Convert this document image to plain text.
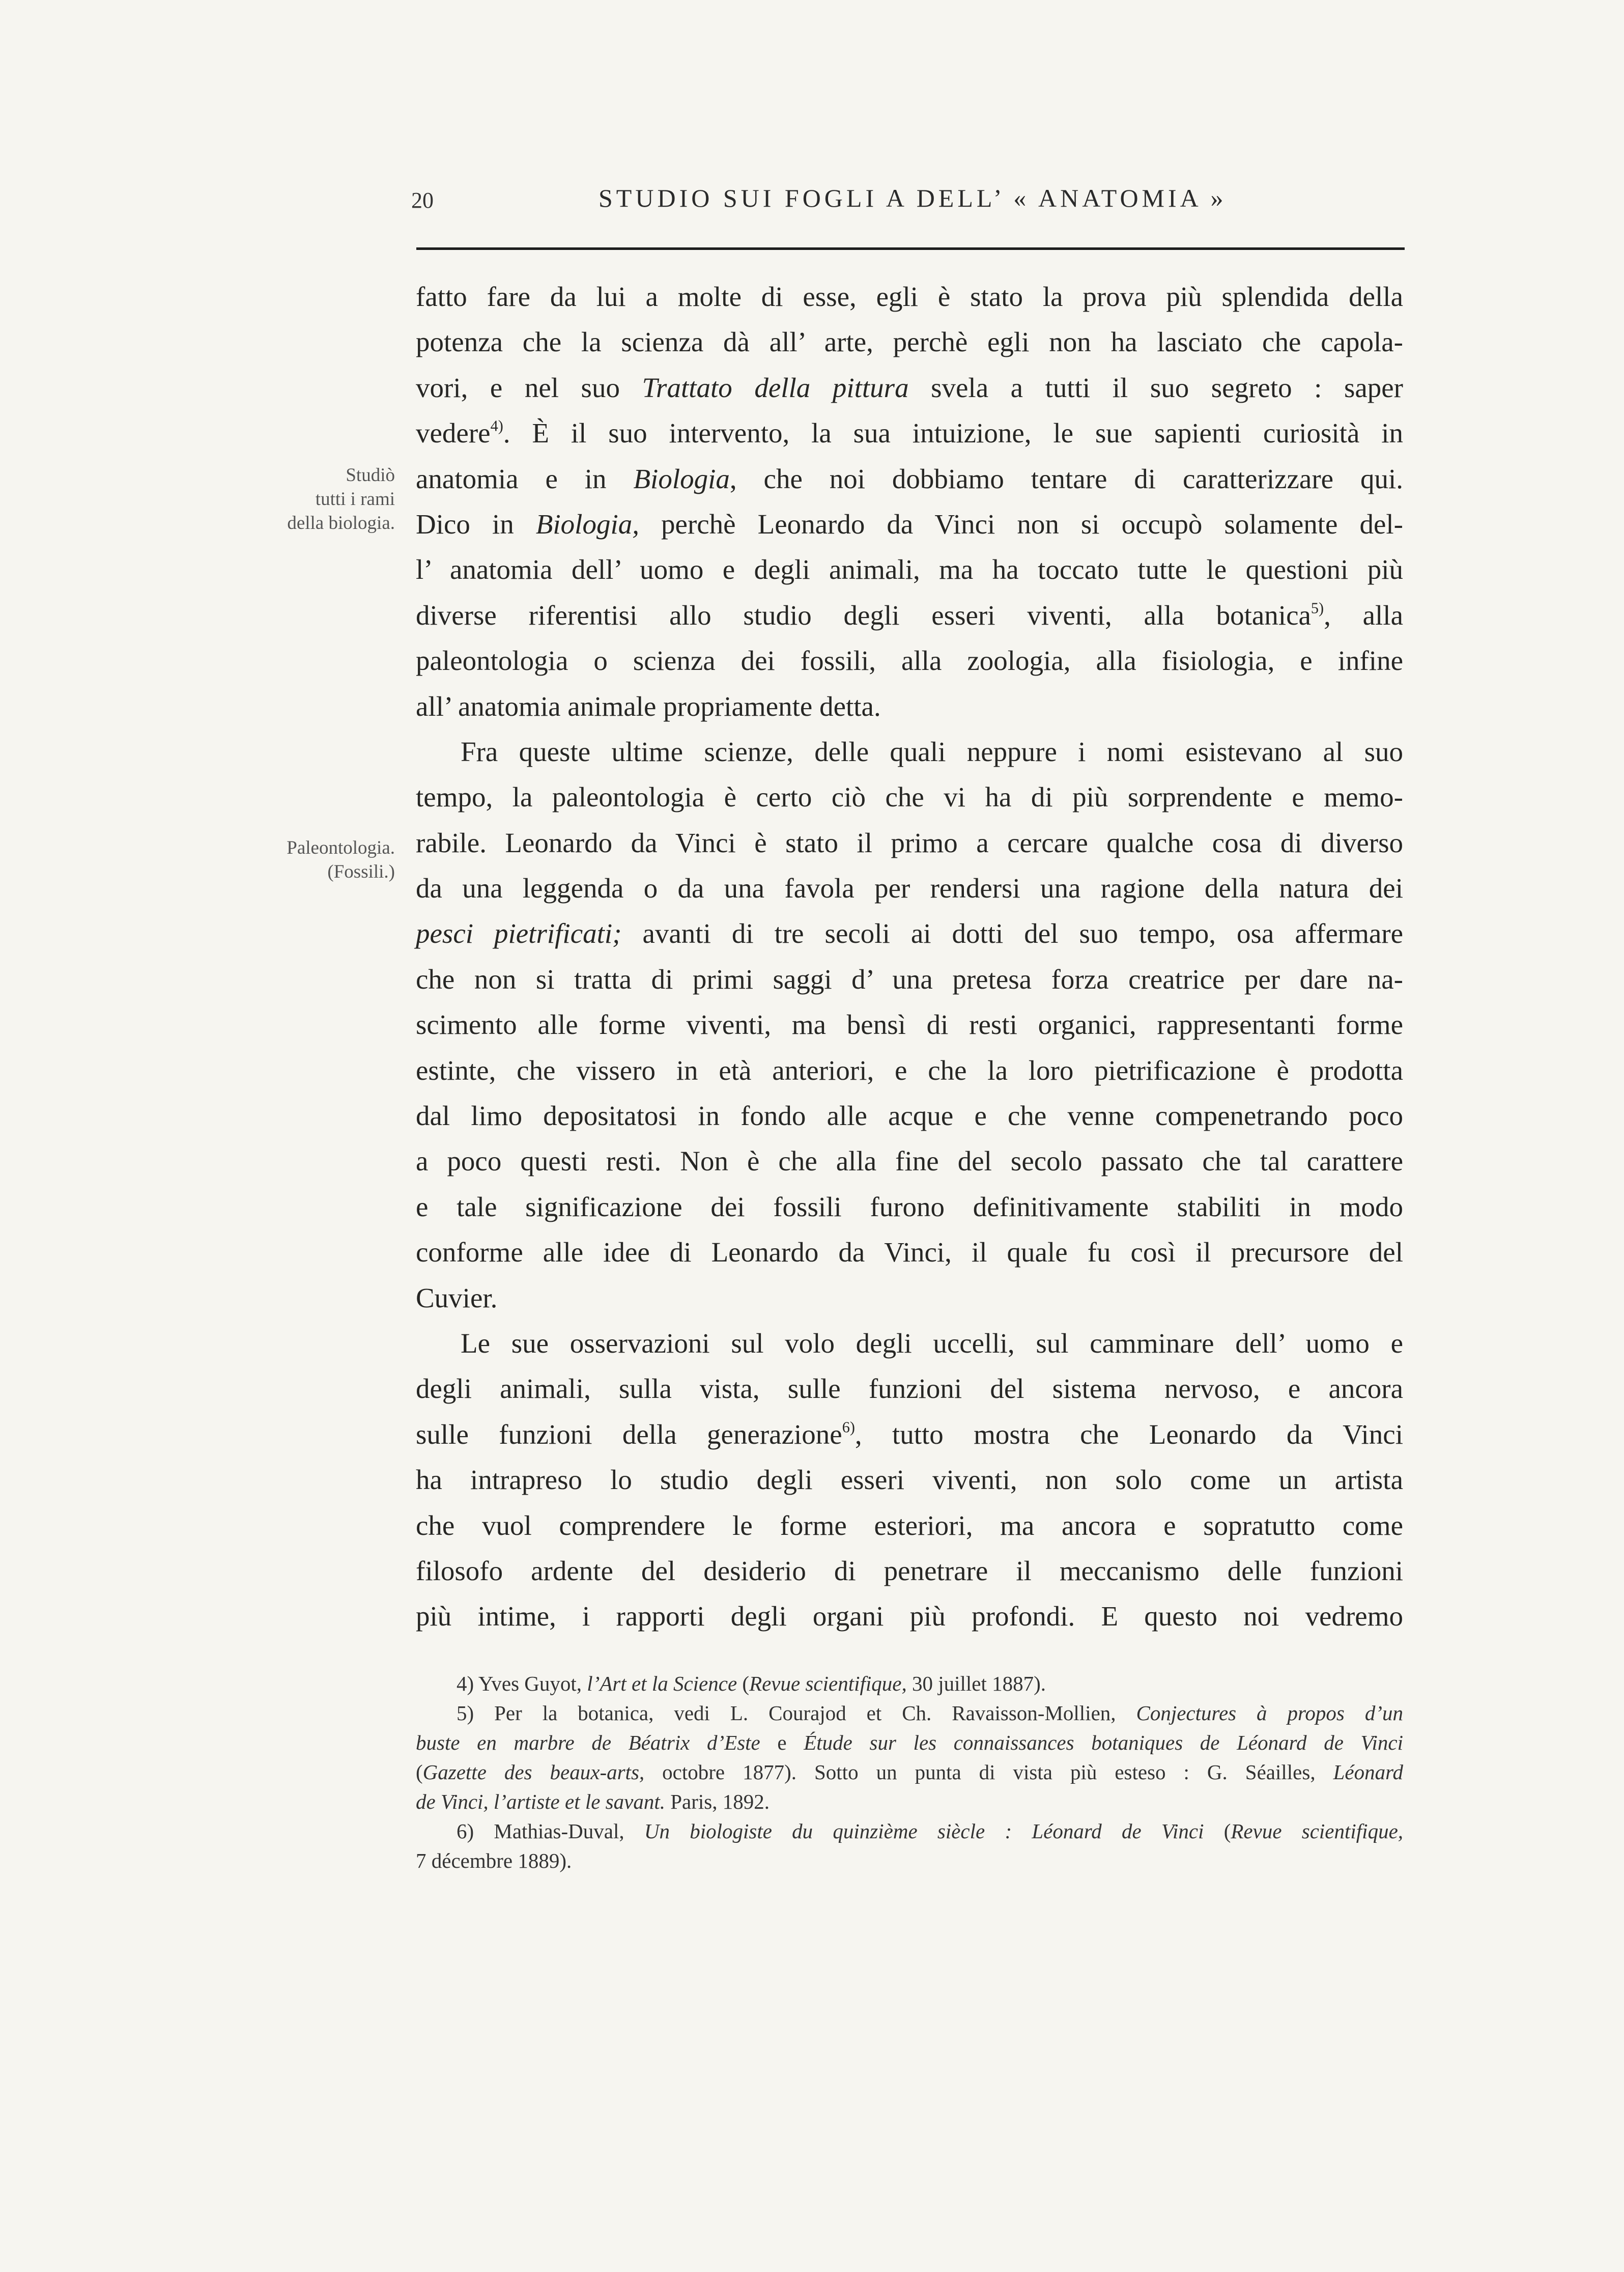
20	STUDIO SUI FOGLI A DELL’ « ANATOMIA »
Studiò
tutti i rami
della biologia.
Paleontologia.
(Fossili.)
fatto fare da lui a molte di esse, egli è stato la prova più splendida della
potenza che la scienza dà all’ arte, perchè egli non ha lasciato che capola-
vori, e nel suo Trattato della pittura svela a tutti il suo segreto : saper
vedere$^{4)}$. È il suo intervento, la sua intuizione, le sue sapienti curiosità in
anatomia e in Biologia, che noi dobbiamo tentare di caratterizzare qui.
Dico in Biologia, perchè Leonardo da Vinci non si occupò solamente del-
l’ anatomia dell’ uomo e degli animali, ma ha toccato tutte le questioni più
diverse riferentisi allo studio degli esseri viventi, alla botanica$^{5)}$, alla
paleontologia o scienza dei fossili, alla zoologia, alla fisiologia, e infine
all’ anatomia animale propriamente detta.
Fra queste ultime scienze, delle quali neppure i nomi esistevano al suo
tempo, la paleontologia è certo ciò che vi ha di più sorprendente e memo-
rabile. Leonardo da Vinci è stato il primo a cercare qualche cosa di diverso
da una leggenda o da una favola per rendersi una ragione della natura dei
pesci pietrificati; avanti di tre secoli ai dotti del suo tempo, osa affermare
che non si tratta di primi saggi d’ una pretesa forza creatrice per dare na-
scimento alle forme viventi, ma bensì di resti organici, rappresentanti forme
estinte, che vissero in età anteriori, e che la loro pietrificazione è prodotta
dal limo depositatosi in fondo alle acque e che venne compenetrando poco
a poco questi resti. Non è che alla fine del secolo passato che tal carattere
e tale significazione dei fossili furono definitivamente stabiliti in modo
conforme alle idee di Leonardo da Vinci, il quale fu così il precursore del
Cuvier.
Le sue osservazioni sul volo degli uccelli, sul camminare dell’ uomo e
degli animali, sulla vista, sulle funzioni del sistema nervoso, e ancora
sulle funzioni della generazione$^{6)}$, tutto mostra che Leonardo da Vinci
ha intrapreso lo studio degli esseri viventi, non solo come un artista
che vuol comprendere le forme esteriori, ma ancora e sopratutto come
filosofo ardente del desiderio di penetrare il meccanismo delle funzioni
più intime, i rapporti degli organi più profondi. E questo noi vedremo
4) Yves Guyot, l’Art et la Science (Revue scientifique, 30 juillet 1887).
5) Per la botanica, vedi L. Courajod et Ch. Ravaisson-Mollien, Conjectures à propos d’un
buste en marbre de Béatrix d’Este e Étude sur les connaissances botaniques de Léonard de Vinci
(Gazette des beaux-arts, octobre 1877). Sotto un punta di vista più esteso : G. Séailles, Léonard
de Vinci, l’artiste et le savant. Paris, 1892.
6) Mathias-Duval, Un biologiste du quinzième siècle : Léonard de Vinci (Revue scientifique,
7 décembre 1889).
